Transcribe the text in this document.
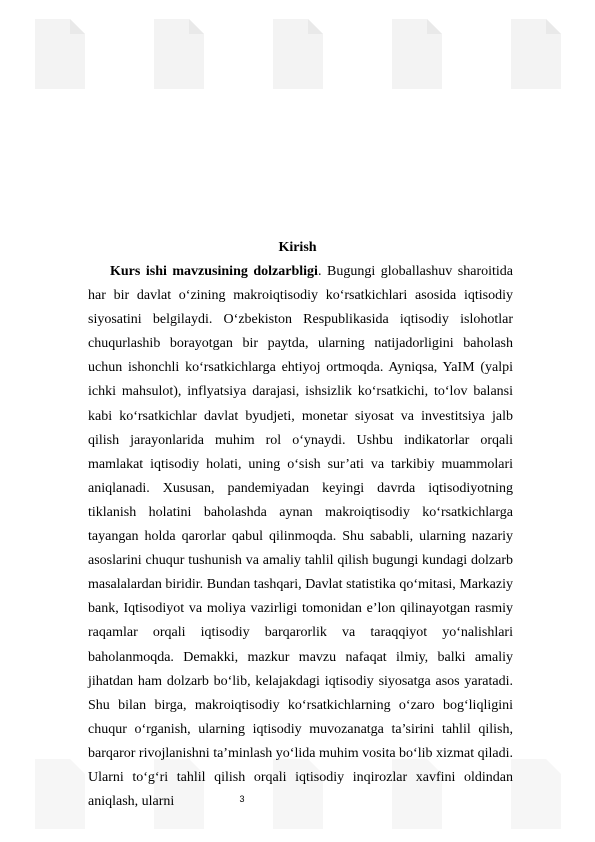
Kirish
Kurs ishi mavzusining dolzarbligi. Bugungi globallashuv sharoitida har bir davlat o‘zining makroiqtisodiy ko‘rsatkichlari asosida iqtisodiy siyosatini belgilaydi. O‘zbekiston Respublikasida iqtisodiy islohotlar chuqurlashib borayotgan bir paytda, ularning natijadorligini baholash uchun ishonchli ko‘rsatkichlarga ehtiyoj ortmoqda. Ayniqsa, YaIM (yalpi ichki mahsulot), inflyatsiya darajasi, ishsizlik ko‘rsatkichi, to‘lov balansi kabi ko‘rsatkichlar davlat byudjeti, monetar siyosat va investitsiya jalb qilish jarayonlarida muhim rol o‘ynaydi. Ushbu indikatorlar orqali mamlakat iqtisodiy holati, uning o‘sish sur’ati va tarkibiy muammolari aniqlanadi. Xususan, pandemiyadan keyingi davrda iqtisodiyotning tiklanish holatini baholashda aynan makroiqtisodiy ko‘rsatkichlarga tayangan holda qarorlar qabul qilinmoqda. Shu sababli, ularning nazariy asoslarini chuqur tushunish va amaliy tahlil qilish bugungi kundagi dolzarb masalalardan biridir. Bundan tashqari, Davlat statistika qo‘mitasi, Markaziy bank, Iqtisodiyot va moliya vazirligi tomonidan e’lon qilinayotgan rasmiy raqamlar orqali iqtisodiy barqarorlik va taraqqiyot yo‘nalishlari baholanmoqda. Demakki, mazkur mavzu nafaqat ilmiy, balki amaliy jihatdan ham dolzarb bo‘lib, kelajakdagi iqtisodiy siyosatga asos yaratadi. Shu bilan birga, makroiqtisodiy ko‘rsatkichlarning o‘zaro bog‘liqligini chuqur o‘rganish, ularning iqtisodiy muvozanatga ta’sirini tahlil qilish, barqaror rivojlanishni ta’minlash yo‘lida muhim vosita bo‘lib xizmat qiladi. Ularni to‘g‘ri tahlil qilish orqali iqtisodiy inqirozlar xavfini oldindan aniqlash, ularni	3
